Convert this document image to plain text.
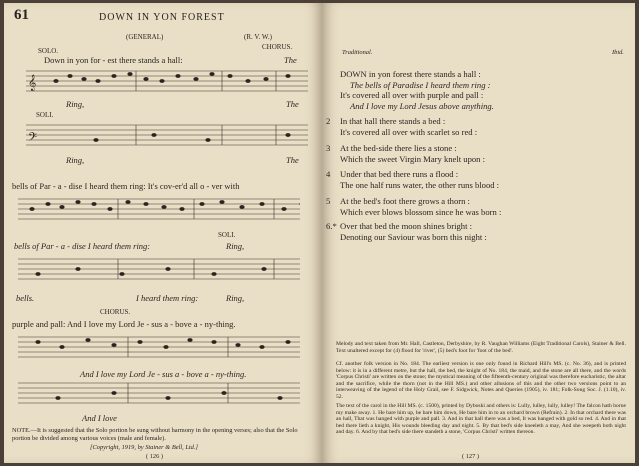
61	DOWN IN YON FOREST
(GENERAL)	(R. V. W.)
CHORUS.
SOLO.
Down in yon for - est there stands a hall:	The
𝄞
Ring,	The
SOLI.
𝄢
Ring,	The
bells of Par - a - dise I heard them ring: It's cov-er'd all o - ver with
bells of Par - a - dise I heard them ring:
SOLI.
Ring,
bells.	I heard them ring:	Ring,
CHORUS.
purple and pall: And I love my Lord Je - sus a - bove a - ny-thing.
And I love my Lord Je - sus a - bove a - ny-thing.
And I love
NOTE.—It is suggested that the Solo portion be sung without harmony in the opening verses; also that the Solo portion be divided among various voices (male and female).
[Copyright, 1919, by Stainer & Bell, Ltd.]
( 126 )
Traditional.	Ibid.
DOWN in yon forest there stands a hall :
The bells of Paradise I heard them ring :
It's covered all over with purple and pall :
And I love my Lord Jesus above anything.
2 In that hall there stands a bed :
It's covered all over with scarlet so red :
3 At the bed-side there lies a stone :
Which the sweet Virgin Mary knelt upon :
4 Under that bed there runs a flood :
The one half runs water, the other runs blood :
5 At the bed's foot there grows a thorn :
Which ever blows blossom since he was born :
6.* Over that bed the moon shines bright :
Denoting our Saviour was born this night :
Melody and text taken from Mr. Hall, Castleton, Derbyshire, by R. Vaughan Williams (Eight Traditional Carols), Stainer & Bell. Text unaltered except for (4) flood for 'river', (5) bed's foot for 'foot of the bed'.
Cf. another folk version in No. 184. The earliest version is one only found in Richard Hill's MS. (c. No. 36), and is printed below: it is in a different metre, but the hall, the bed, the knight of No. 184, the maid, and the stone are all there, and the words 'Corpus Christi' are written on the stone; the mystical meaning of the fifteenth-century original was therefore eucharistic, the altar and the sacrifice, while the thorn (not in the Hill MS.) and other allusions of this and the other two versions point to an interweaving of the legend of the Holy Grail, see F. Sidgwick, Notes and Queries (1905), iv. 181; Folk-Song Soc. J. (1.10), iv. 52.
The text of the carol in the Hill MS. (c. 1500), printed by Dyboski and others is: Lully, lulley, lully, lulley! The falcon hath borne my make away. 1. He bare him up, he bare him down, He bare him in to an orchard brown (Refrain). 2. In that orchard there was an hall, That was hanged with purple and pall. 3. And in that hall there was a bed, It was hanged with gold so red. 4. And in that bed there lieth a knight, His wounds bleeding day and night. 5. By that bed's side kneeleth a may, And she weepeth both night and day. 6. And by that bed's side there standeth a stone, 'Corpus Christi' written thereon.
( 127 )
